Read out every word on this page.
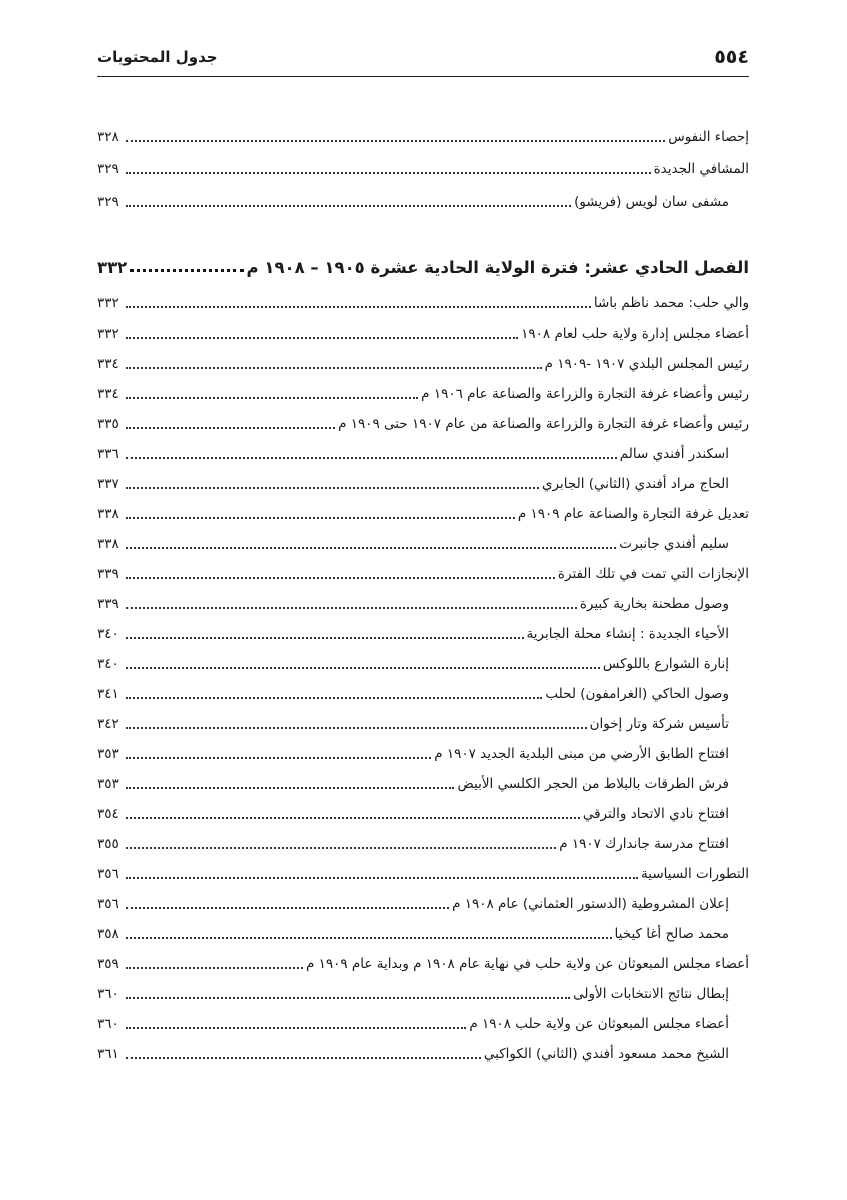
٥٥٤
جدول المحتويات
إحصاء النفوس
٣٢٨
المشافي الجديدة
٣٢٩
مشفى سان لويس (فريشو)
٣٢٩
الفصل الحادي عشر: فترة الولاية الحادية عشرة ١٩٠٥ – ١٩٠٨ م
٣٣٢
والي حلب: محمد ناظم باشا
٣٣٢
أعضاء مجلس إدارة ولاية حلب لعام ١٩٠٨
٣٣٢
رئيس المجلس البلدي ١٩٠٧ -١٩٠٩ م
٣٣٤
رئيس وأعضاء غرفة التجارة والزراعة والصناعة عام ١٩٠٦ م
٣٣٤
رئيس وأعضاء غرفة التجارة والزراعة والصناعة من عام ١٩٠٧ حتى ١٩٠٩ م
٣٣٥
اسكندر أفندي سالم
٣٣٦
الحاج مراد أفندي (الثاني) الجابري
٣٣٧
تعديل غرفة التجارة والصناعة عام ١٩٠٩ م
٣٣٨
سليم أفندي جانبرت
٣٣٨
الإنجازات التي تمت في تلك الفترة
٣٣٩
وصول مطحنة بخارية كبيرة
٣٣٩
الأحياء الجديدة : إنشاء محلة الجابرية
٣٤٠
إنارة الشوارع باللوكس
٣٤٠
وصول الحاكي (الغرامفون) لحلب
٣٤١
تأسيس شركة وتار إخوان
٣٤٢
افتتاح الطابق الأرضي من مبنى البلدية الجديد ١٩٠٧ م
٣٥٣
فرش الطرقات بالبلاط من الحجر الكلسي الأبيض
٣٥٣
افتتاح نادي الاتحاد والترقي
٣٥٤
افتتاح مدرسة جاندارك ١٩٠٧ م
٣٥٥
التطورات السياسية
٣٥٦
إعلان المشروطية (الدستور العثماني) عام ١٩٠٨ م
٣٥٦
محمد صالح أغا كيخيا
٣٥٨
أعضاء مجلس المبعوثان عن ولاية حلب في نهاية عام ١٩٠٨ م وبداية عام ١٩٠٩ م
٣٥٩
إبطال نتائج الانتخابات الأولى
٣٦٠
أعضاء مجلس المبعوثان عن ولاية حلب ١٩٠٨ م
٣٦٠
الشيخ محمد مسعود أفندي (الثاني) الكواكبي
٣٦١
